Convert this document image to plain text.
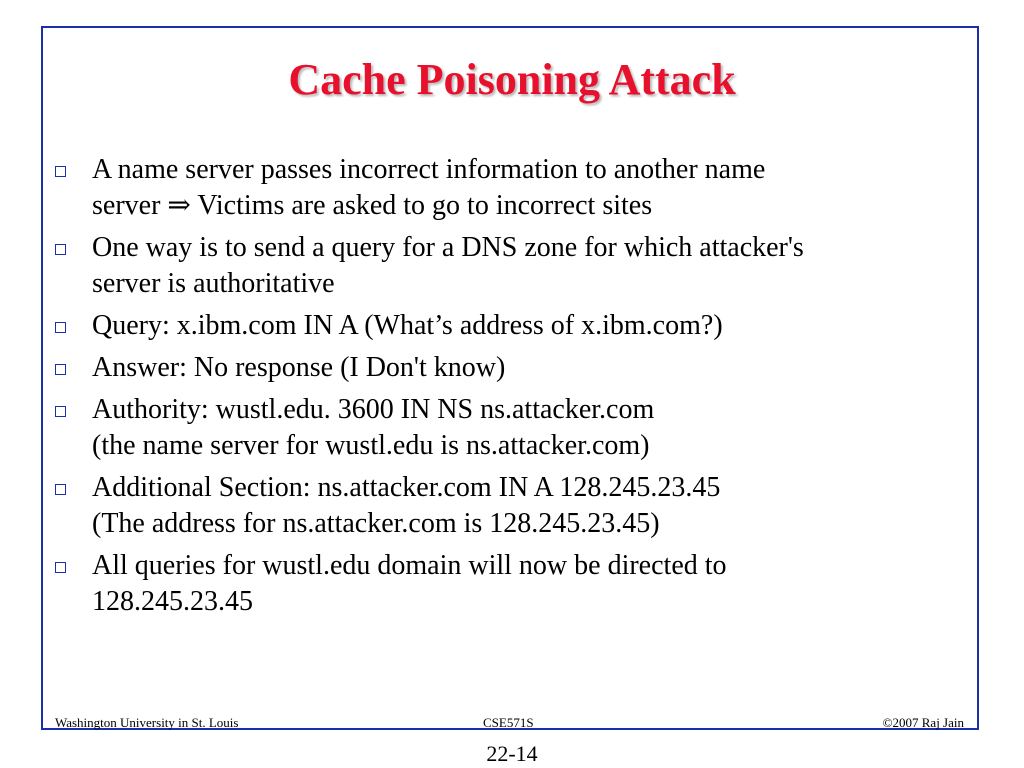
Cache Poisoning Attack
A name server passes incorrect information to another name
server ⇒ Victims are asked to go to incorrect sites
One way is to send a query for a DNS zone for which attacker's
server is authoritative
Query: x.ibm.com IN A (What’s address of x.ibm.com?)
Answer: No response (I Don't know)
Authority: wustl.edu. 3600 IN NS ns.attacker.com
(the name server for wustl.edu is ns.attacker.com)
Additional Section: ns.attacker.com IN A 128.245.23.45
(The address for ns.attacker.com is 128.245.23.45)
All queries for wustl.edu domain will now be directed to
128.245.23.45
Washington University in St. Louis	CSE571S	©2007 Raj Jain
22-14
